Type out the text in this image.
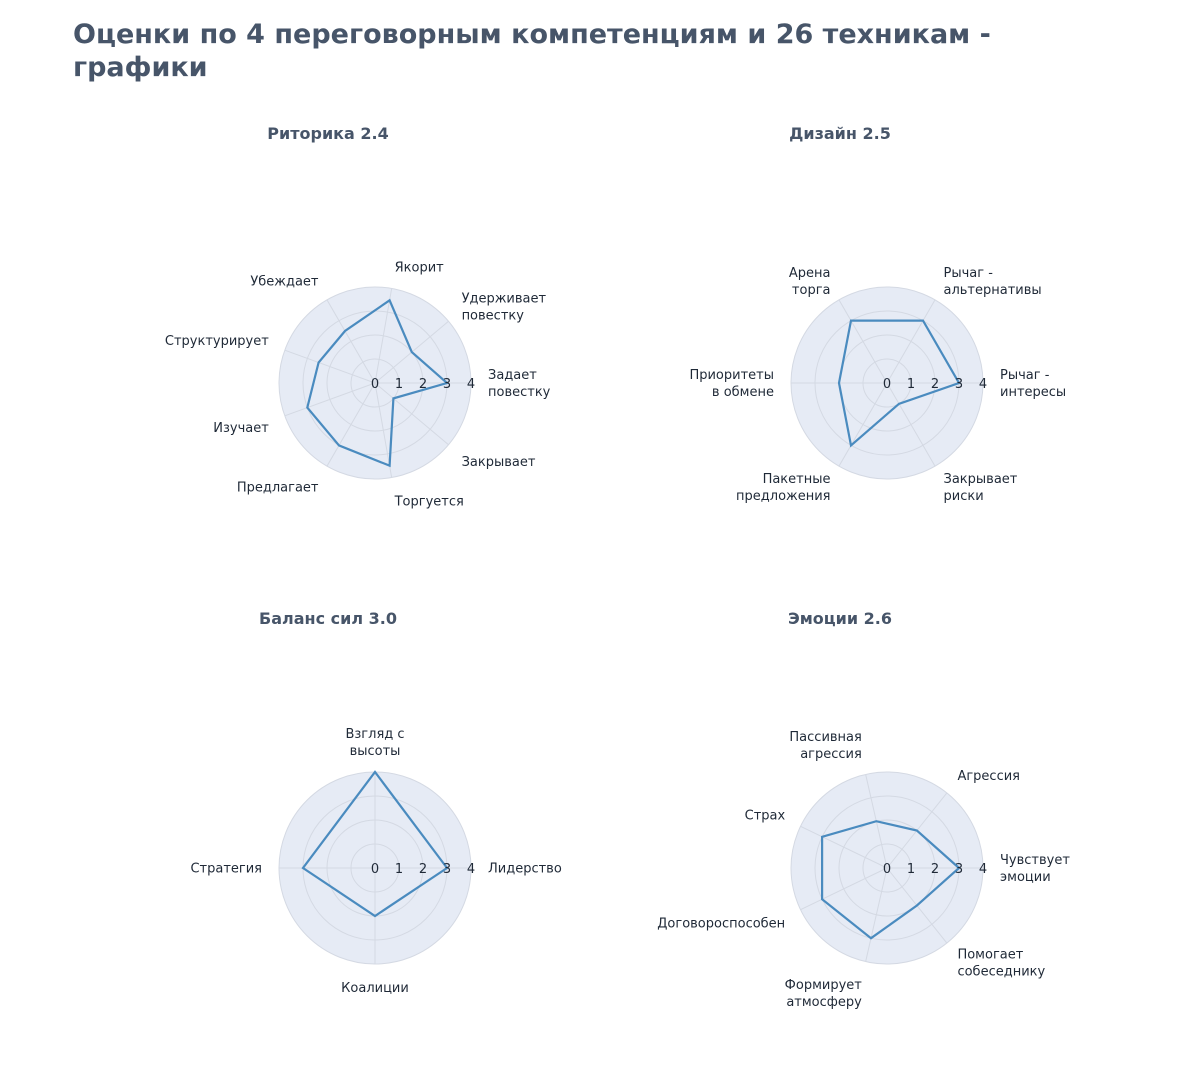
Оценки по 4 переговорным компетенциям и 26 техникам - графики
Риторика 2.4
0 1 2 3 4
Задает повестку
Удерживает повестку
Якорит
Убеждает
Структурирует
Изучает
Предлагает
Торгуется
Закрывает
Дизайн 2.5
0 1 2 3 4
Рычаг -интересы
Рычаг -альтернативы
Арена торга
Приоритеты в обмене
Пакетные предложения
Закрывает риски
Баланс сил 3.0
0 1 2 3 4 Лидерство
Взгляд с высоты
Стратегия
Коалиции
Эмоции 2.6
0 1 2 3 4
Чувствует эмоции
Агрессия
Пассивная агрессия
Страх
Договороспособен
Формирует атмосферу
Помогает собеседнику
